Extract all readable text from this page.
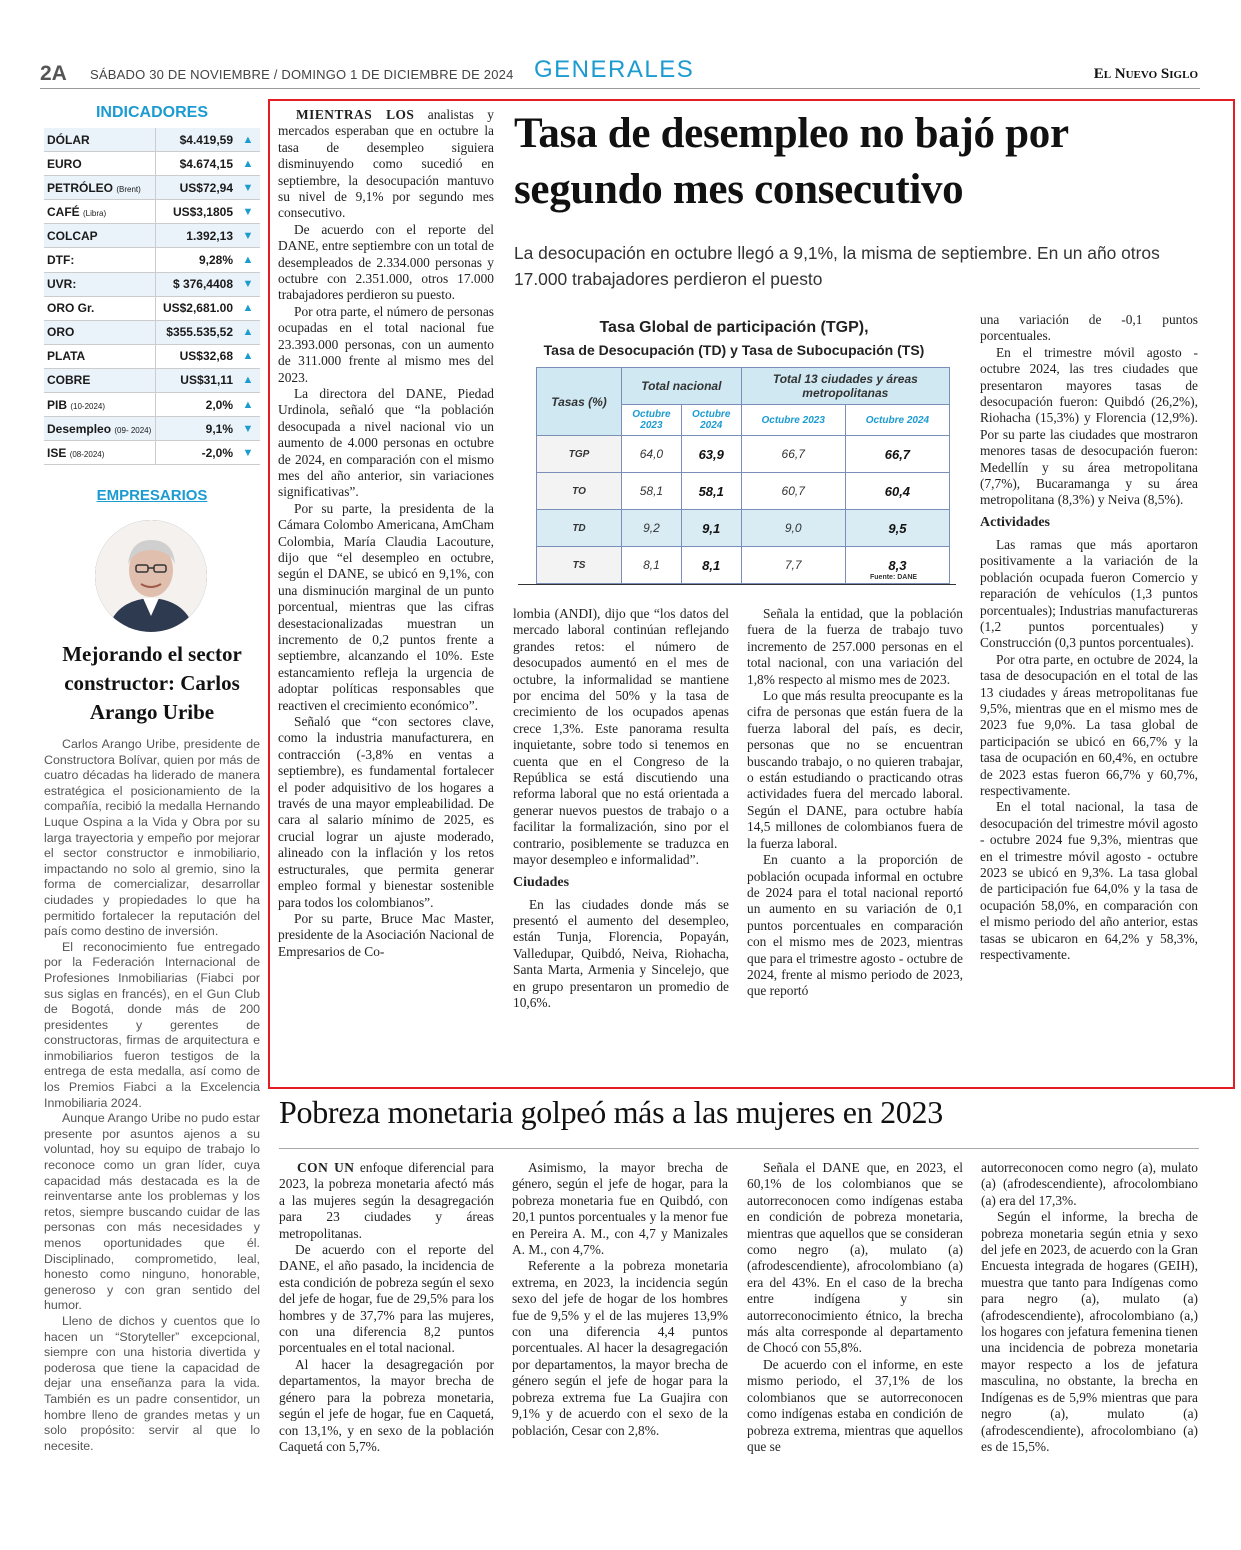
2A SÁBADO 30 DE NOVIEMBRE / DOMINGO 1 DE DICIEMBRE DE 2024 GENERALES	El Nuevo Siglo
INDICADORES
DÓLAR	$4.419,59	▲
EURO	$4.674,15	▲
PETRÓLEO (Brent)	US$72,94	▼
CAFÉ (Libra)	US$3,1805	▼
COLCAP	1.392,13	▼
DTF:	9,28%	▲
UVR:	$ 376,4408	▼
ORO Gr.	US$2,681.00	▲
ORO	$355.535,52	▲
PLATA	US$32,68	▲
COBRE	US$31,11	▲
PIB (10-2024)	2,0%	▲
Desempleo (09- 2024)	9,1%	▼
ISE (08-2024)	-2,0%	▼
EMPRESARIOS
Mejorando el sector constructor: Carlos Arango Uribe

Carlos Arango Uribe, presidente de Constructora Bolívar, quien por más de cuatro décadas ha liderado de manera estratégica el posicionamiento de la compañía, recibió la medalla Hernando Luque Ospina a la Vida y Obra por su larga trayectoria y empeño por mejorar el sector constructor e inmobiliario, impactando no solo al gremio, sino la forma de comercializar, desarrollar ciudades y propiedades lo que ha permitido fortalecer la reputación del país como destino de inversión.

El reconocimiento fue entregado por la Federación Internacional de Profesiones Inmobiliarias (Fiabci por sus siglas en francés), en el Gun Club de Bogotá, donde más de 200 presidentes y gerentes de constructoras, firmas de arquitectura e inmobiliarios fueron testigos de la entrega de esta medalla, así como de los Premios Fiabci a la Excelencia Inmobiliaria 2024.

Aunque Arango Uribe no pudo estar presente por asuntos ajenos a su voluntad, hoy su equipo de trabajo lo reconoce como un gran líder, cuya capacidad más destacada es la de reinventarse ante los problemas y los retos, siempre buscando cuidar de las personas con más necesidades y menos oportunidades que él. Disciplinado, comprometido, leal, honesto como ninguno, honorable, generoso y con gran sentido del humor.

Lleno de dichos y cuentos que lo hacen un “Storyteller” excepcional, siempre con una historia divertida y poderosa que tiene la capacidad de dejar una enseñanza para la vida. También es un padre consentidor, un hombre lleno de grandes metas y un solo propósito: servir al que lo necesite.

MIENTRAS LOS analistas y mercados esperaban que en octubre la tasa de desempleo siguiera disminuyendo como sucedió en septiembre, la desocupación mantuvo su nivel de 9,1% por segundo mes consecutivo.

De acuerdo con el reporte del DANE, entre septiembre con un total de desempleados de 2.334.000 personas y octubre con 2.351.000, otros 17.000 trabajadores perdieron su puesto.

Por otra parte, el número de personas ocupadas en el total nacional fue 23.393.000 personas, con un aumento de 311.000 frente al mismo mes del 2023.

La directora del DANE, Piedad Urdinola, señaló que “la población desocupada a nivel nacional vio un aumento de 4.000 personas en octubre de 2024, en comparación con el mismo mes del año anterior, sin variaciones significativas”.

Por su parte, la presidenta de la Cámara Colombo Americana, AmCham Colombia, María Claudia Lacouture, dijo que “el desempleo en octubre, según el DANE, se ubicó en 9,1%, con una disminución marginal de un punto porcentual, mientras que las cifras desestacionalizadas muestran un incremento de 0,2 puntos frente a septiembre, alcanzando el 10%. Este estancamiento refleja la urgencia de adoptar políticas responsables que reactiven el crecimiento económico”.

Señaló que “con sectores clave, como la industria manufacturera, en contracción (-3,8% en ventas a septiembre), es fundamental fortalecer el poder adquisitivo de los hogares a través de una mayor empleabilidad. De cara al salario mínimo de 2025, es crucial lograr un ajuste moderado, alineado con la inflación y los retos estructurales, que permita generar empleo formal y bienestar sostenible para todos los colombianos”.

Por su parte, Bruce Mac Master, presidente de la Asociación Nacional de Empresarios de Co-

Tasa de desempleo no bajó por segundo mes consecutivo
La desocupación en octubre llegó a 9,1%, la misma de septiembre. En un año otros 17.000 trabajadores perdieron el puesto
Tasa Global de participación (TGP),
Tasa de Desocupación (TD) y Tasa de Subocupación (TS)
Tasas (%)	Total nacional		Total 13 ciudades y áreas metropolitanas	
	Octubre 2023	Octubre 2024	Octubre 2023	Octubre 2024
TGP	64,0	63,9	66,7	66,7
TO	58,1	58,1	60,7	60,4
TD	9,2	9,1	9,0	9,5
TS	8,1	8,1	7,7	8,3
Fuente: DANE

una variación de -0,1 puntos porcentuales.

En el trimestre móvil agosto - octubre 2024, las tres ciudades que presentaron mayores tasas de desocupación fueron: Quibdó (26,2%), Riohacha (15,3%) y Florencia (12,9%). Por su parte las ciudades que mostraron menores tasas de desocupación fueron: Medellín y su área metropolitana (7,7%), Bucaramanga y su área metropolitana (8,3%) y Neiva (8,5%).

Actividades

Las ramas que más aportaron positivamente a la variación de la población ocupada fueron Comercio y reparación de vehículos (1,3 puntos porcentuales); Industrias manufactureras (1,2 puntos porcentuales) y Construcción (0,3 puntos porcentuales).

Por otra parte, en octubre de 2024, la tasa de desocupación en el total de las 13 ciudades y áreas metropolitanas fue 9,5%, mientras que en el mismo mes de 2023 fue 9,0%. La tasa global de participación se ubicó en 66,7% y la tasa de ocupación en 60,4%, en octubre de 2023 estas fueron 66,7% y 60,7%, respectivamente.

En el total nacional, la tasa de desocupación del trimestre móvil agosto - octubre 2024 fue 9,3%, mientras que en el trimestre móvil agosto - octubre 2023 se ubicó en 9,3%. La tasa global de participación fue 64,0% y la tasa de ocupación 58,0%, en comparación con el mismo periodo del año anterior, estas tasas se ubicaron en 64,2% y 58,3%, respectivamente.

lombia (ANDI), dijo que “los datos del mercado laboral continúan reflejando grandes retos: el número de desocupados aumentó en el mes de octubre, la informalidad se mantiene por encima del 50% y la tasa de crecimiento de los ocupados apenas crece 1,3%. Este panorama resulta inquietante, sobre todo si tenemos en cuenta que en el Congreso de la República se está discutiendo una reforma laboral que no está orientada a generar nuevos puestos de trabajo o a facilitar la formalización, sino por el contrario, posiblemente se traduzca en mayor desempleo e informalidad”.

Ciudades

En las ciudades donde más se presentó el aumento del desempleo, están Tunja, Florencia, Popayán, Valledupar, Quibdó, Neiva, Riohacha, Santa Marta, Armenia y Sincelejo, que en grupo presentaron un promedio de 10,6%.

Señala la entidad, que la población fuera de la fuerza de trabajo tuvo incremento de 257.000 personas en el total nacional, con una variación del 1,8% respecto al mismo mes de 2023.

Lo que más resulta preocupante es la cifra de personas que están fuera de la fuerza laboral del país, es decir, personas que no se encuentran buscando trabajo, o no quieren trabajar, o están estudiando o practicando otras actividades fuera del mercado laboral. Según el DANE, para octubre había 14,5 millones de colombianos fuera de la fuerza laboral.

En cuanto a la proporción de población ocupada informal en octubre de 2024 para el total nacional reportó un aumento en su variación de 0,1 puntos porcentuales en comparación con el mismo mes de 2023, mientras que para el trimestre agosto - octubre de 2024, frente al mismo periodo de 2023, que reportó

Pobreza monetaria golpeó más a las mujeres en 2023

CON UN enfoque diferencial para 2023, la pobreza monetaria afectó más a las mujeres según la desagregación para 23 ciudades y áreas metropolitanas.

De acuerdo con el reporte del DANE, el año pasado, la incidencia de esta condición de pobreza según el sexo del jefe de hogar, fue de 29,5% para los hombres y de 37,7% para las mujeres, con una diferencia 8,2 puntos porcentuales en el total nacional.

Al hacer la desagregación por departamentos, la mayor brecha de género para la pobreza monetaria, según el jefe de hogar, fue en Caquetá, con 13,1%, y en sexo de la población Caquetá con 5,7%.

Asimismo, la mayor brecha de género, según el jefe de hogar, para la pobreza monetaria fue en Quibdó, con 20,1 puntos porcentuales y la menor fue en Pereira A. M., con 4,7 y Manizales A. M., con 4,7%.

Referente a la pobreza monetaria extrema, en 2023, la incidencia según sexo del jefe de hogar de los hombres fue de 9,5% y el de las mujeres 13,9% con una diferencia 4,4 puntos porcentuales. Al hacer la desagregación por departamentos, la mayor brecha de género según el jefe de hogar para la pobreza extrema fue La Guajira con 9,1% y de acuerdo con el sexo de la población, Cesar con 2,8%.

Señala el DANE que, en 2023, el 60,1% de los colombianos que se autorreconocen como indígenas estaba en condición de pobreza monetaria, mientras que aquellos que se consideran como negro (a), mulato (a) (afrodescendiente), afrocolombiano (a) era del 43%. En el caso de la brecha entre indígena y sin autorreconocimiento étnico, la brecha más alta corresponde al departamento de Chocó con 55,8%.

De acuerdo con el informe, en este mismo periodo, el 37,1% de los colombianos que se autorreconocen como indígenas estaba en condición de pobreza extrema, mientras que aquellos que se

autorreconocen como negro (a), mulato (a) (afrodescendiente), afrocolombiano (a) era del 17,3%.

Según el informe, la brecha de pobreza monetaria según etnia y sexo del jefe en 2023, de acuerdo con la Gran Encuesta integrada de hogares (GEIH), muestra que tanto para Indígenas como para negro (a), mulato (a) (afrodescendiente), afrocolombiano (a,) los hogares con jefatura femenina tienen una incidencia de pobreza monetaria mayor respecto a los de jefatura masculina, no obstante, la brecha en Indígenas es de 5,9% mientras que para negro (a), mulato (a) (afrodescendiente), afrocolombiano (a) es de 15,5%.
